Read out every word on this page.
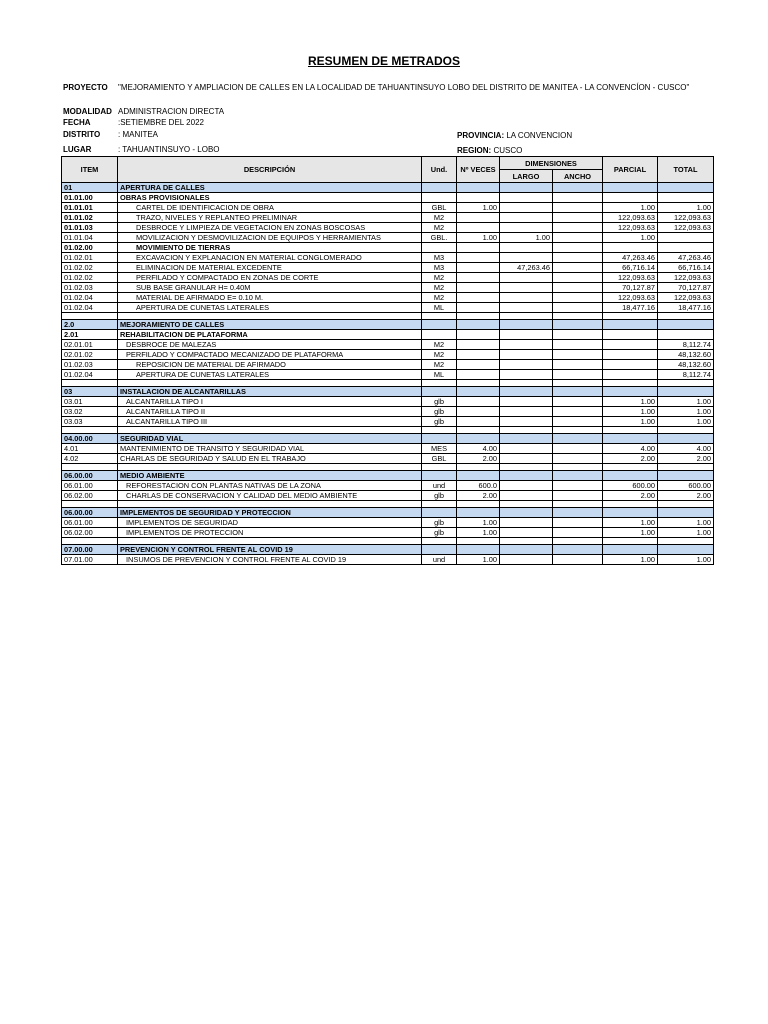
RESUMEN DE METRADOS
PROYECTO "MEJORAMIENTO Y AMPLIACION DE CALLES EN LA LOCALIDAD DE TAHUANTINSUYO LOBO DEL DISTRITO DE MANITEA - LA CONVENCÍON - CUSCO"
MODALIDAD ADMINISTRACION DIRECTA
FECHA	:SETIEMBRE DEL 2022
DISTRITO : MANITEA
LUGAR	: TAHUANTINSUYO - LOBO
PROVINCIA: LA CONVENCION
REGION: CUSCO
ITEM	DESCRIPCIÓN	Und.	Nº VECES	DIMENSIONES		PARCIAL	TOTAL
				LARGO	ANCHO		
01	APERTURA DE CALLES						
01.01.00	OBRAS PROVISIONALES						
01.01.01	CARTEL DE IDENTIFICACION DE OBRA	GBL	1.00			1.00	1.00
01.01.02	TRAZO, NIVELES Y REPLANTEO PRELIMINAR	M2				122,093.63	122,093.63
01.01.03	DESBROCE Y LIMPIEZA DE VEGETACION EN ZONAS BOSCOSAS	M2				122,093.63	122,093.63
01.01.04	MOVILIZACION Y DESMOVILIZACION DE EQUIPOS Y HERRAMIENTAS	GBL.	1.00	1.00		1.00	
01.02.00	MOVIMIENTO DE TIERRAS						
01.02.01	EXCAVACION Y EXPLANACION EN MATERIAL CONGLOMERADO	M3				47,263.46	47,263.46
01.02.02	ELIMINACION DE MATERIAL EXCEDENTE	M3		47,263.46		66,716.14	66,716.14
01.02.02	PERFILADO Y COMPACTADO EN ZONAS DE CORTE	M2				122,093.63	122,093.63
01.02.03	SUB BASE GRANULAR H= 0.40M	M2				70,127.87	70,127.87
01.02.04	MATERIAL DE AFIRMADO E= 0.10 M.	M2				122,093.63	122,093.63
01.02.04	APERTURA DE CUNETAS LATERALES	ML				18,477.16	18,477.16

2.0	MEJORAMIENTO DE CALLES						
2.01	REHABILITACION DE PLATAFORMA						
02.01.01	DESBROCE DE MALEZAS	M2					8,112.74
02.01.02	PERFILADO Y COMPACTADO MECANIZADO DE PLATAFORMA	M2					48,132.60
01.02.03	REPOSICION DE MATERIAL DE AFIRMADO	M2					48,132.60
01.02.04	APERTURA DE CUNETAS LATERALES	ML					8,112.74

03	INSTALACION DE ALCANTARILLAS						
03.01	ALCANTARILLA TIPO I	glb				1.00	1.00
03.02	ALCANTARILLA TIPO II	glb				1.00	1.00
03.03	ALCANTARILLA TIPO III	glb				1.00	1.00

04.00.00	SEGURIDAD VIAL						
4.01	MANTENIMIENTO DE TRANSITO Y SEGURIDAD VIAL	MES	4.00			4.00	4.00
4.02	CHARLAS DE SEGURIDAD Y SALUD EN EL TRABAJO	GBL	2.00			2.00	2.00

06.00.00	MEDIO AMBIENTE						
06.01.00	REFORESTACION CON PLANTAS NATIVAS DE LA ZONA	und	600.0			600.00	600.00
06.02.00	CHARLAS DE CONSERVACION Y CALIDAD DEL MEDIO AMBIENTE	glb	2.00			2.00	2.00

06.00.00	IMPLEMENTOS DE SEGURIDAD Y PROTECCION						
06.01.00	IMPLEMENTOS DE SEGURIDAD	glb	1.00			1.00	1.00
06.02.00	IMPLEMENTOS DE PROTECCION	glb	1.00			1.00	1.00

07.00.00	PREVENCION Y CONTROL FRENTE AL COVID 19						
07.01.00	INSUMOS DE PREVENCION Y CONTROL FRENTE AL COVID 19	und	1.00			1.00	1.00
